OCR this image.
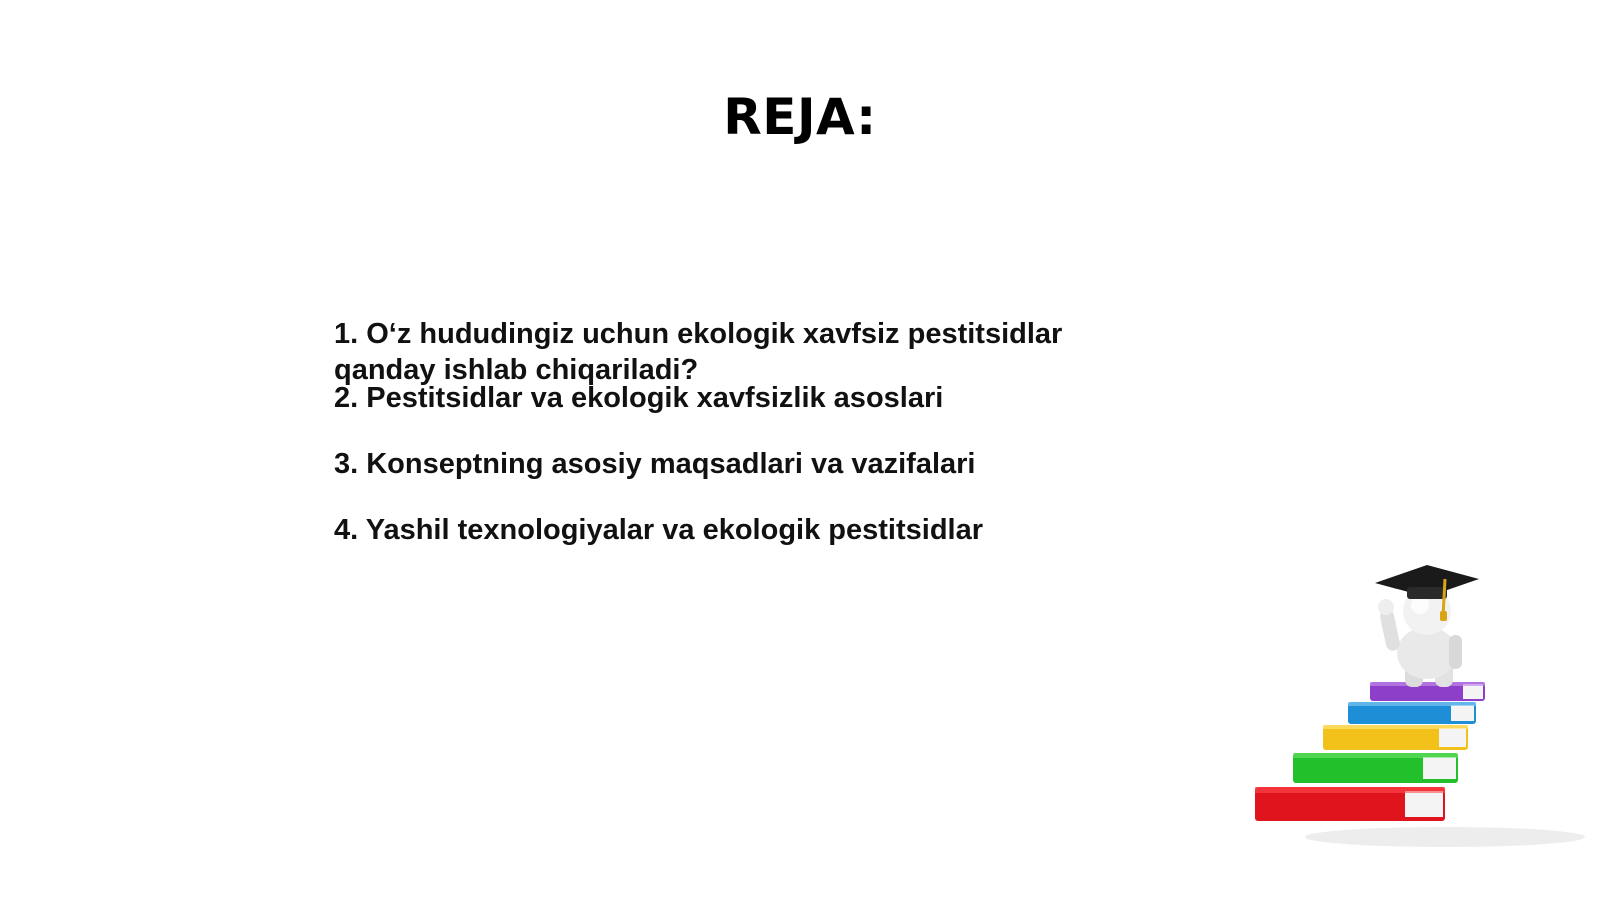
REJA:
1. O‘z hududingiz uchun ekologik xavfsiz pestitsidlar qanday ishlab chiqariladi?
2. Pestitsidlar va ekologik xavfsizlik asoslari
3. Konseptning asosiy maqsadlari va vazifalari
4. Yashil texnologiyalar va ekologik pestitsidlar
